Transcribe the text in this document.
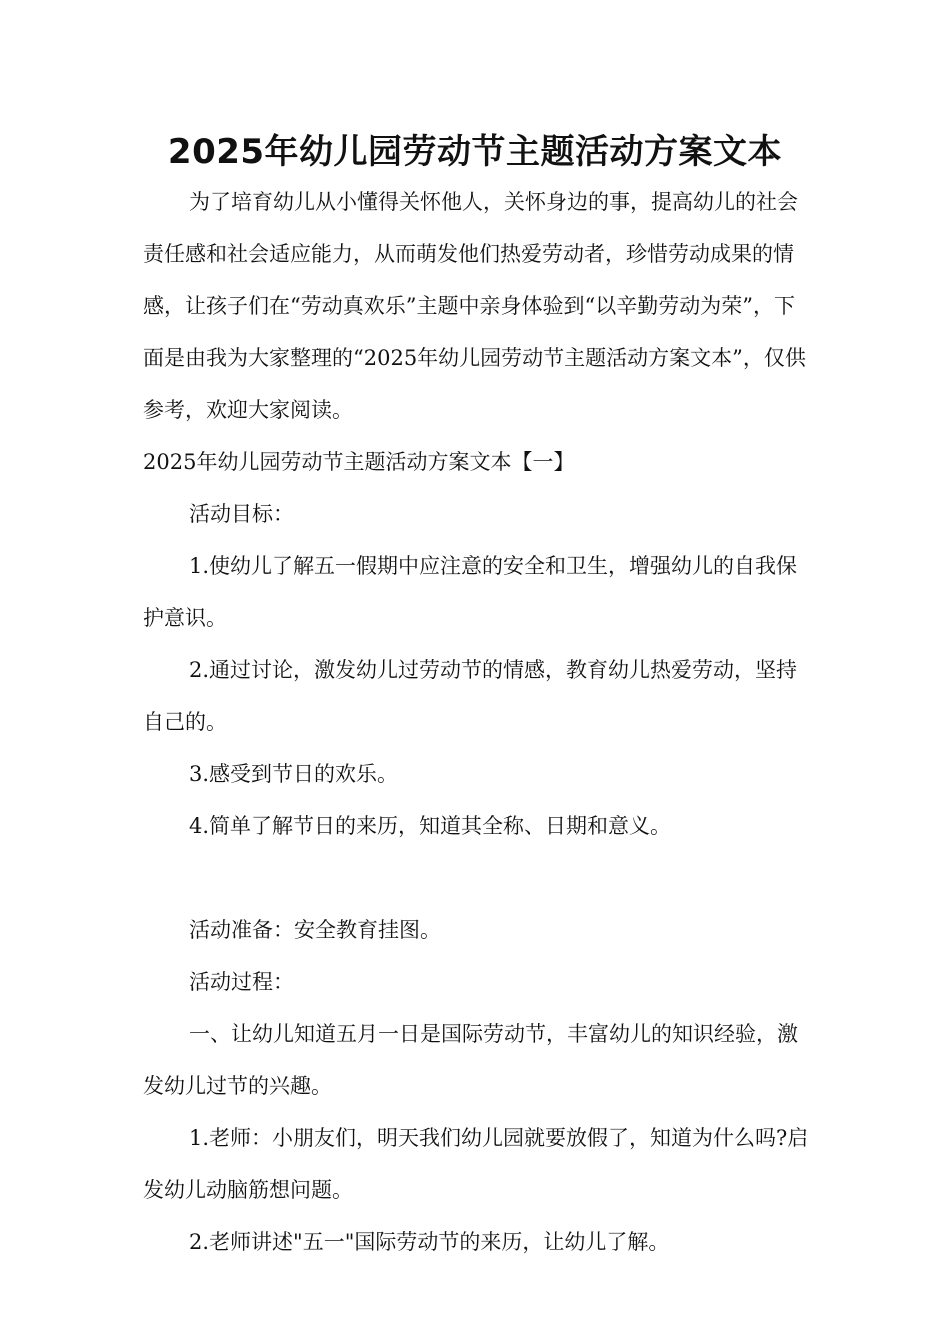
2025年幼儿园劳动节主题活动方案文本

为了培育幼儿从小懂得关怀他人，关怀身边的事，提高幼儿的社会责任感和社会适应能力，从而萌发他们热爱劳动者，珍惜劳动成果的情感，让孩子们在“劳动真欢乐”主题中亲身体验到“以辛勤劳动为荣”，下面是由我为大家整理的“2025年幼儿园劳动节主题活动方案文本”，仅供参考，欢迎大家阅读。

2025年幼儿园劳动节主题活动方案文本【一】

活动目标：

1.使幼儿了解五一假期中应注意的安全和卫生，增强幼儿的自我保护意识。

2.通过讨论，激发幼儿过劳动节的情感，教育幼儿热爱劳动，坚持自己的。

3.感受到节日的欢乐。

4.简单了解节日的来历，知道其全称、日期和意义。

活动准备：安全教育挂图。

活动过程：

一、让幼儿知道五月一日是国际劳动节，丰富幼儿的知识经验，激发幼儿过节的兴趣。

1.老师：小朋友们，明天我们幼儿园就要放假了，知道为什么吗?启发幼儿动脑筋想问题。

2.老师讲述"五一"国际劳动节的来历，让幼儿了解。
